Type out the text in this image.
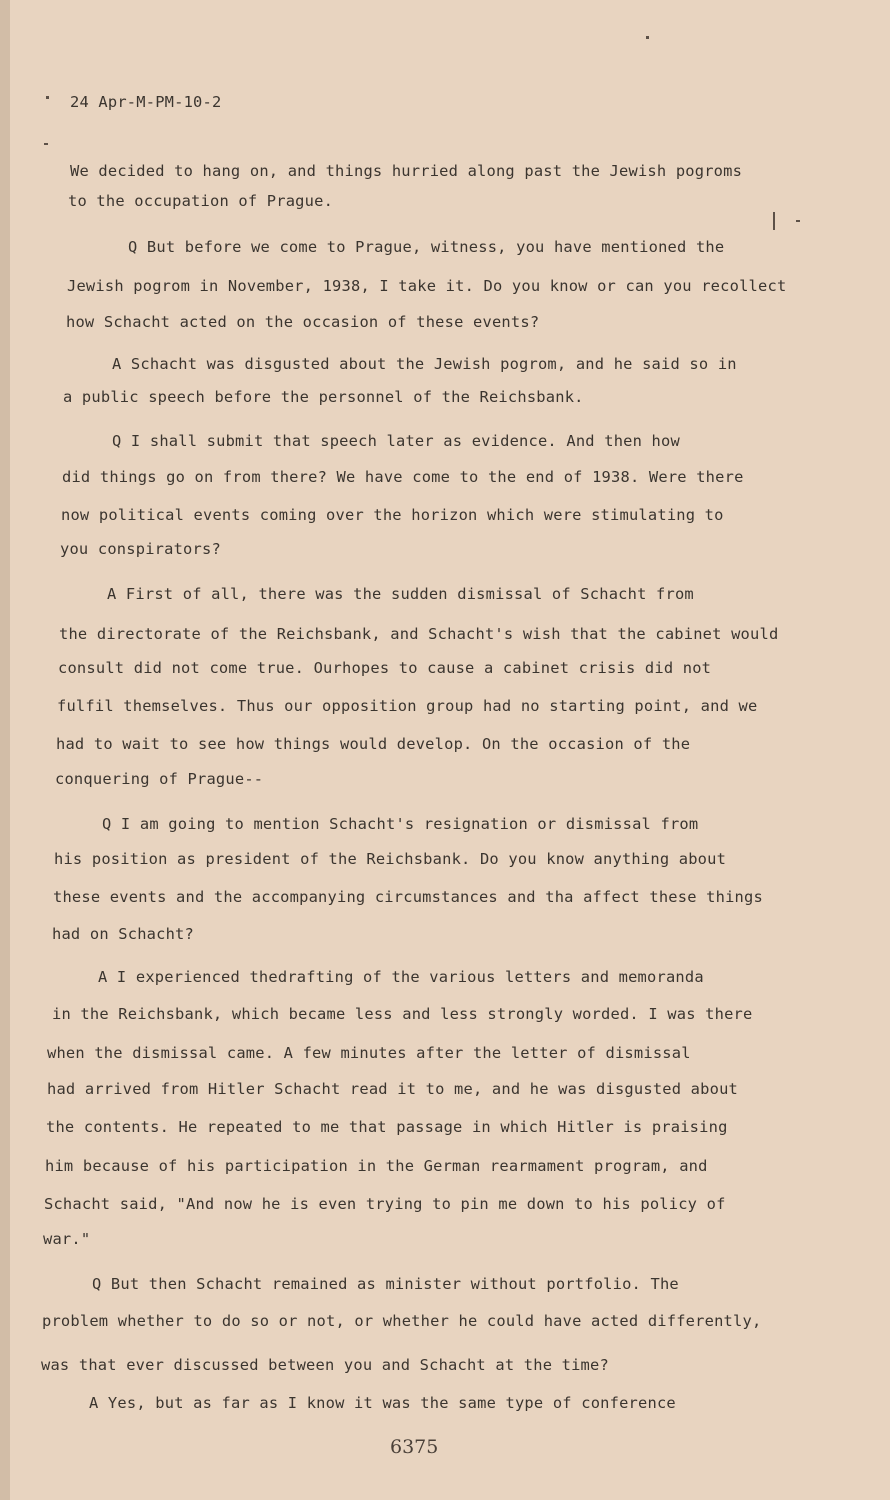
24 Apr-M-PM-10-2
We decided to hang on, and things hurried along past the Jewish pogroms
to the occupation of Prague.
Q But before we come to Prague, witness, you have mentioned the
Jewish pogrom in November, 1938, I take it. Do you know or can you recollect
how Schacht acted on the occasion of these events?
A Schacht was disgusted about the Jewish pogrom, and he said so in
a public speech before the personnel of the Reichsbank.
Q I shall submit that speech later as evidence. And then how
did things go on from there? We have come to the end of 1938. Were there
now political events coming over the horizon which were stimulating to
you conspirators?
A First of all, there was the sudden dismissal of Schacht from
the directorate of the Reichsbank, and Schacht's wish that the cabinet would
consult did not come true. Ourhopes to cause a cabinet crisis did not
fulfil themselves. Thus our opposition group had no starting point, and we
had to wait to see how things would develop. On the occasion of the
conquering of Prague--
Q I am going to mention Schacht's resignation or dismissal from
his position as president of the Reichsbank. Do you know anything about
these events and the accompanying circumstances and tha affect these things
had on Schacht?
A I experienced thedrafting of the various letters and memoranda
in the Reichsbank, which became less and less strongly worded. I was there
when the dismissal came. A few minutes after the letter of dismissal
had arrived from Hitler Schacht read it to me, and he was disgusted about
the contents. He repeated to me that passage in which Hitler is praising
him because of his participation in the German rearmament program, and
Schacht said, "And now he is even trying to pin me down to his policy of
war."
Q But then Schacht remained as minister without portfolio. The
problem whether to do so or not, or whether he could have acted differently,
was that ever discussed between you and Schacht at the time?
A Yes, but as far as I know it was the same type of conference
6375
